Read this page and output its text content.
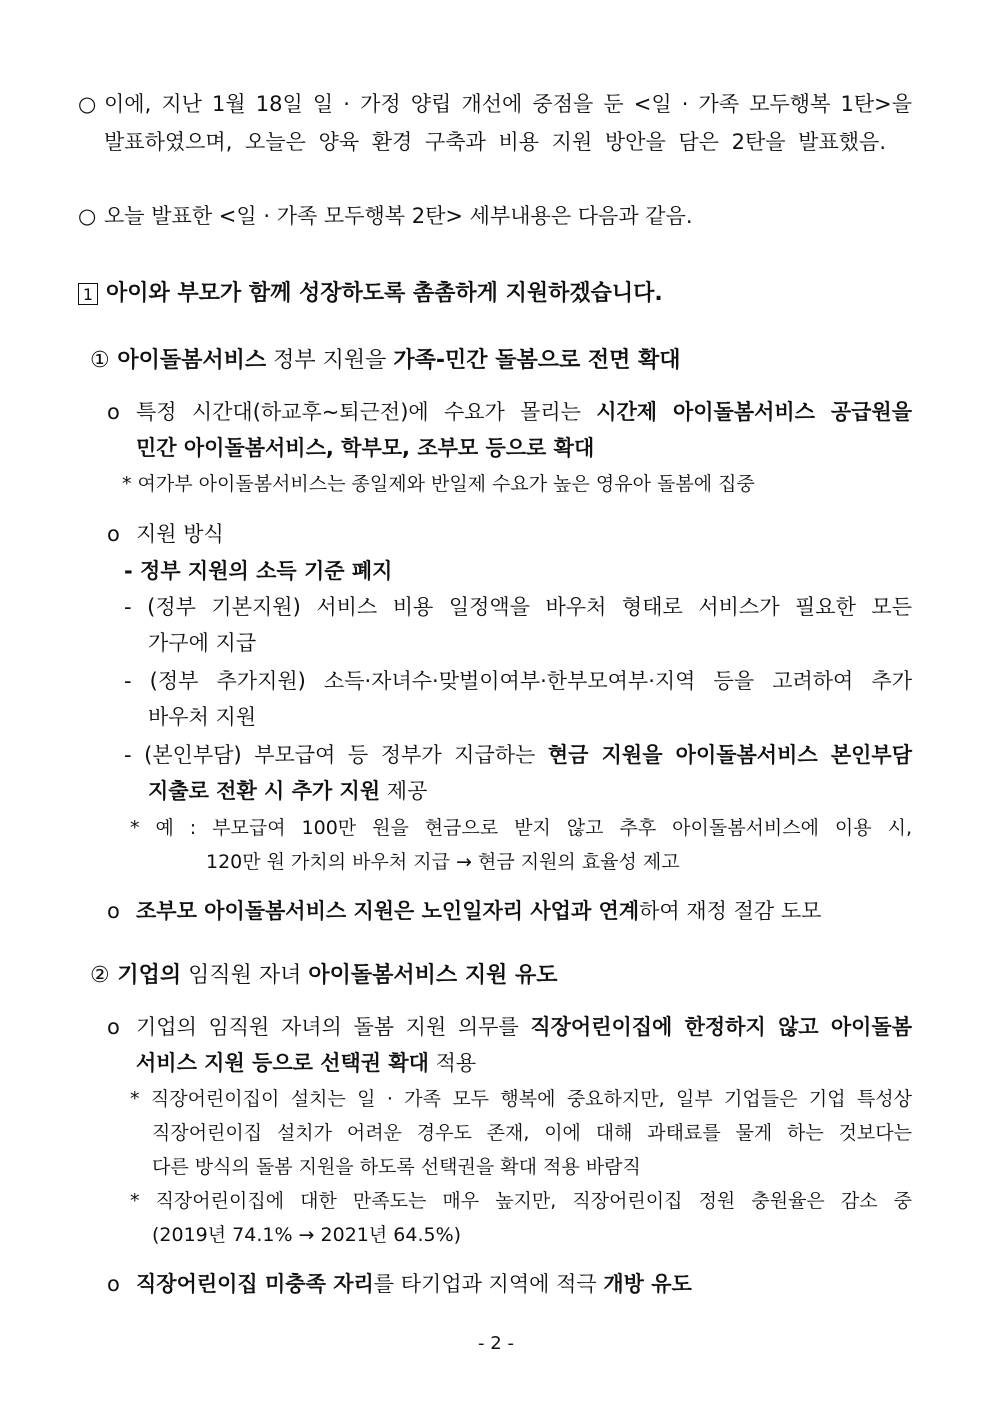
○ 이에, 지난 1월 18일 일 · 가정 양립 개선에 중점을 둔 <일 · 가족 모두행복 1탄>을
발표하였으며, 오늘은 양육 환경 구축과 비용 지원 방안을 담은 2탄을 발표했음.
○ 오늘 발표한 <일 · 가족 모두행복 2탄> 세부내용은 다음과 같음.
1 아이와 부모가 함께 성장하도록 촘촘하게 지원하겠습니다.
① 아이돌봄서비스 정부 지원을 가족-민간 돌봄으로 전면 확대
o 특정 시간대(하교후~퇴근전)에 수요가 몰리는 시간제 아이돌봄서비스 공급원을
민간 아이돌봄서비스, 학부모, 조부모 등으로 확대
* 여가부 아이돌봄서비스는 종일제와 반일제 수요가 높은 영유아 돌봄에 집중
o 지원 방식
- 정부 지원의 소득 기준 폐지
- (정부 기본지원) 서비스 비용 일정액을 바우처 형태로 서비스가 필요한 모든
가구에 지급
- (정부 추가지원) 소득·자녀수·맞벌이여부·한부모여부·지역 등을 고려하여 추가
바우처 지원
- (본인부담) 부모급여 등 정부가 지급하는 현금 지원을 아이돌봄서비스 본인부담
지출로 전환 시 추가 지원 제공
* 예 : 부모급여 100만 원을 현금으로 받지 않고 추후 아이돌봄서비스에 이용 시,
120만 원 가치의 바우처 지급 → 현금 지원의 효율성 제고
o 조부모 아이돌봄서비스 지원은 노인일자리 사업과 연계하여 재정 절감 도모
② 기업의 임직원 자녀 아이돌봄서비스 지원 유도
o 기업의 임직원 자녀의 돌봄 지원 의무를 직장어린이집에 한정하지 않고 아이돌봄
서비스 지원 등으로 선택권 확대 적용
* 직장어린이집이 설치는 일 · 가족 모두 행복에 중요하지만, 일부 기업들은 기업 특성상
직장어린이집 설치가 어려운 경우도 존재, 이에 대해 과태료를 물게 하는 것보다는
다른 방식의 돌봄 지원을 하도록 선택권을 확대 적용 바람직
* 직장어린이집에 대한 만족도는 매우 높지만, 직장어린이집 정원 충원율은 감소 중
(2019년 74.1% → 2021년 64.5%)
o 직장어린이집 미충족 자리를 타기업과 지역에 적극 개방 유도
- 2 -
